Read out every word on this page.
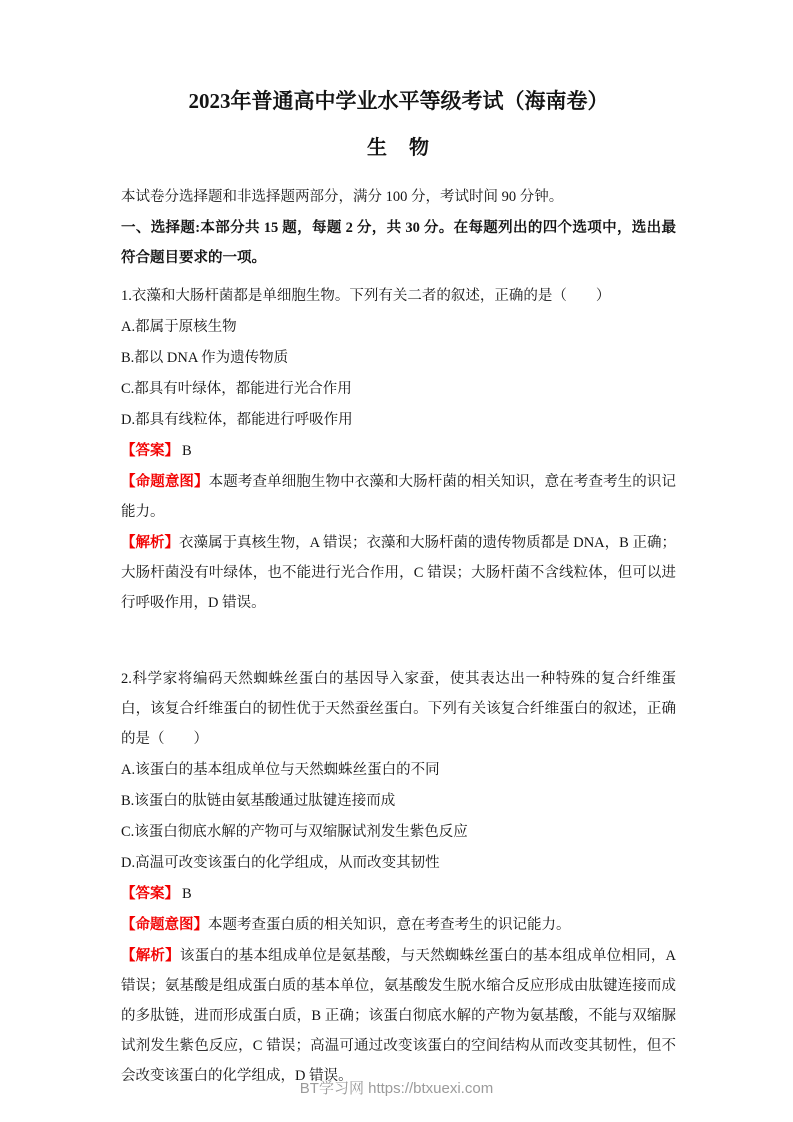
2023年普通高中学业水平等级考试（海南卷）
生　物

本试卷分选择题和非选择题两部分，满分 100 分，考试时间 90 分钟。

一、选择题:本部分共 15 题，每题 2 分，共 30 分。在每题列出的四个选项中，选出最符合题目要求的一项。

1.衣藻和大肠杆菌都是单细胞生物。下列有关二者的叙述，正确的是（　　）

A.都属于原核生物

B.都以 DNA 作为遗传物质

C.都具有叶绿体，都能进行光合作用

D.都具有线粒体，都能进行呼吸作用

【答案】 B

【命题意图】本题考查单细胞生物中衣藻和大肠杆菌的相关知识，意在考查考生的识记能力。

【解析】衣藻属于真核生物，A 错误；衣藻和大肠杆菌的遗传物质都是 DNA，B 正确；大肠杆菌没有叶绿体，也不能进行光合作用，C 错误；大肠杆菌不含线粒体，但可以进行呼吸作用，D 错误。

2.科学家将编码天然蜘蛛丝蛋白的基因导入家蚕，使其表达出一种特殊的复合纤维蛋白，该复合纤维蛋白的韧性优于天然蚕丝蛋白。下列有关该复合纤维蛋白的叙述，正确的是（　　）

A.该蛋白的基本组成单位与天然蜘蛛丝蛋白的不同

B.该蛋白的肽链由氨基酸通过肽键连接而成

C.该蛋白彻底水解的产物可与双缩脲试剂发生紫色反应

D.高温可改变该蛋白的化学组成，从而改变其韧性

【答案】 B

【命题意图】本题考查蛋白质的相关知识，意在考查考生的识记能力。

【解析】该蛋白的基本组成单位是氨基酸，与天然蜘蛛丝蛋白的基本组成单位相同，A 错误；氨基酸是组成蛋白质的基本单位，氨基酸发生脱水缩合反应形成由肽键连接而成的多肽链，进而形成蛋白质，B 正确；该蛋白彻底水解的产物为氨基酸，不能与双缩脲试剂发生紫色反应，C 错误；高温可通过改变该蛋白的空间结构从而改变其韧性，但不会改变该蛋白的化学组成，D 错误。

BT学习网 https://btxuexi.com
